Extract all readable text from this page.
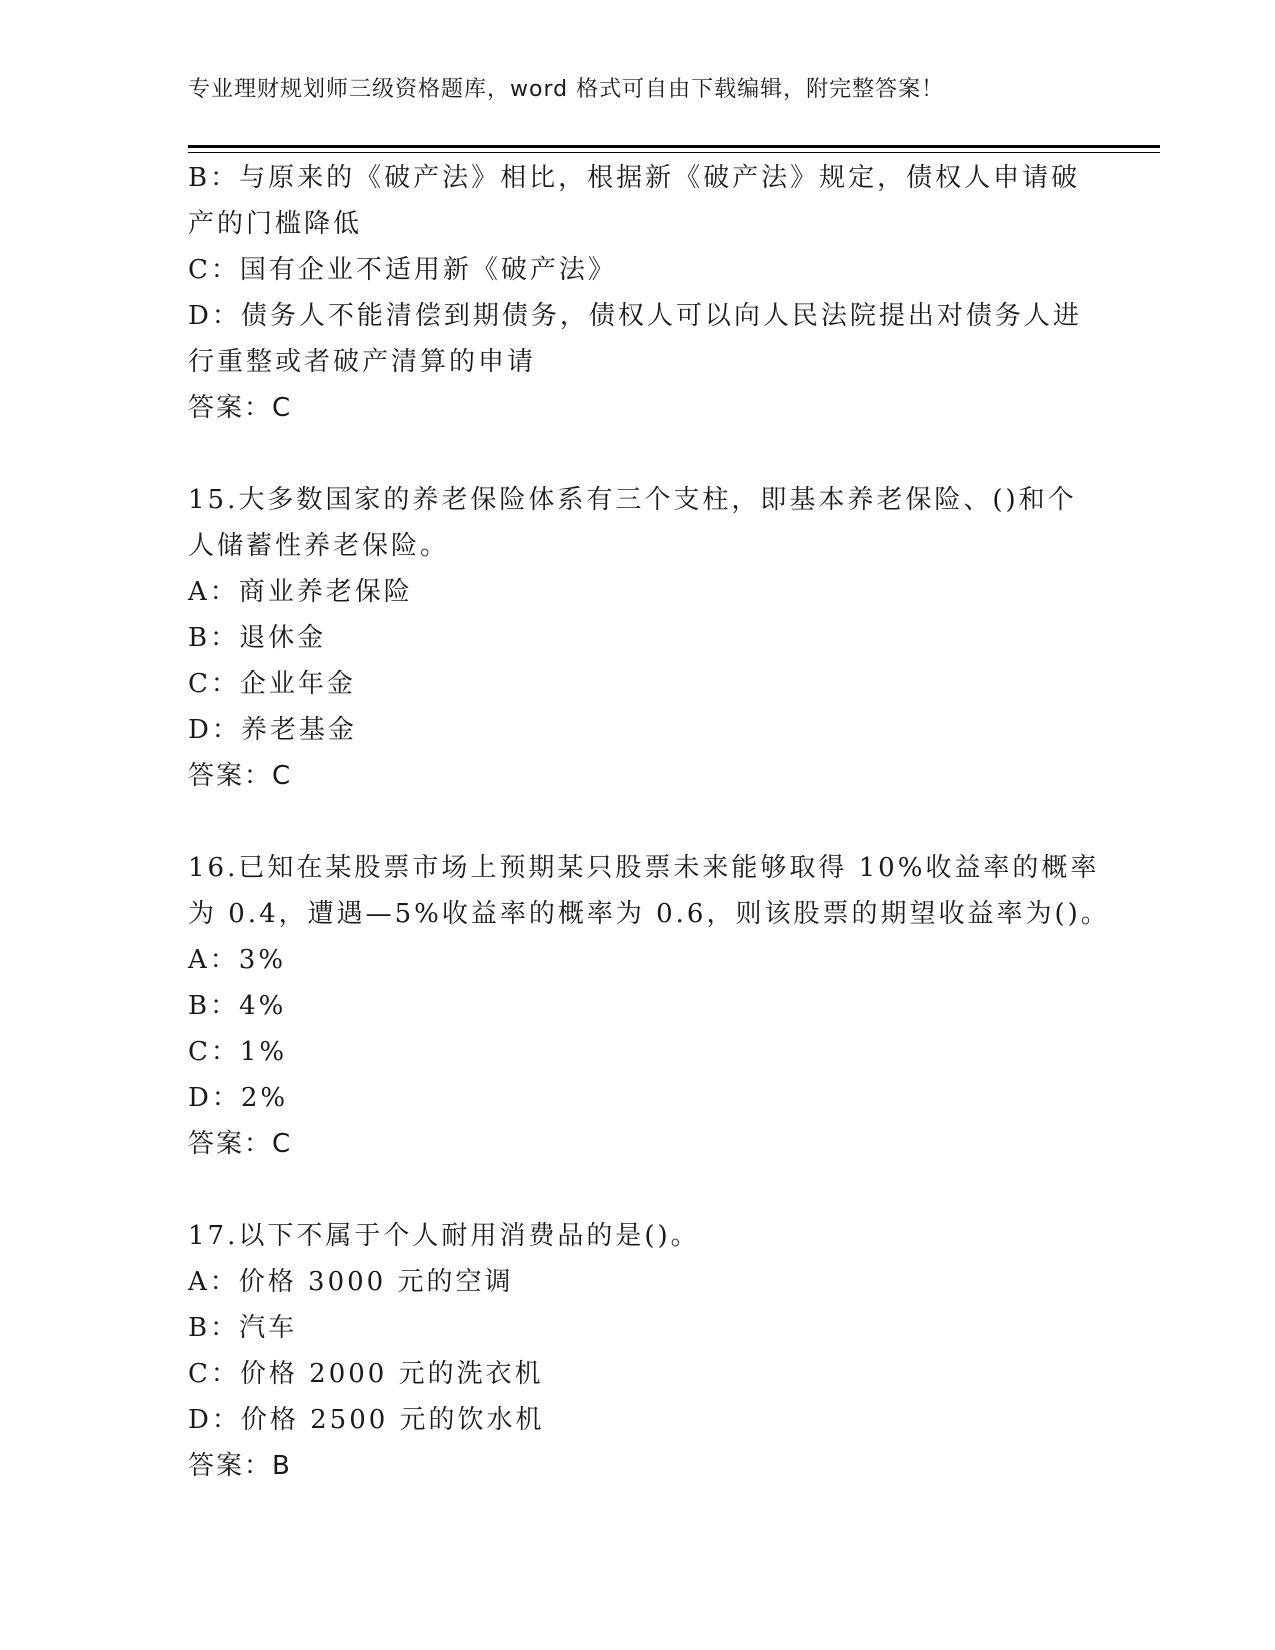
专业理财规划师三级资格题库，word 格式可自由下载编辑，附完整答案！

B：与原来的《破产法》相比，根据新《破产法》规定，债权人申请破

产的门槛降低

C：国有企业不适用新《破产法》

D：债务人不能清偿到期债务，债权人可以向人民法院提出对债务人进

行重整或者破产清算的申请

答案：C

15.大多数国家的养老保险体系有三个支柱，即基本养老保险、()和个

人储蓄性养老保险。

A：商业养老保险

B：退休金

C：企业年金

D：养老基金

答案：C

16.已知在某股票市场上预期某只股票未来能够取得 10%收益率的概率

为 0.4，遭遇—5%收益率的概率为 0.6，则该股票的期望收益率为()。

A：3%

B：4%

C：1%

D：2%

答案：C

17.以下不属于个人耐用消费品的是()。

A：价格 3000 元的空调

B：汽车

C：价格 2000 元的洗衣机

D：价格 2500 元的饮水机

答案：B
